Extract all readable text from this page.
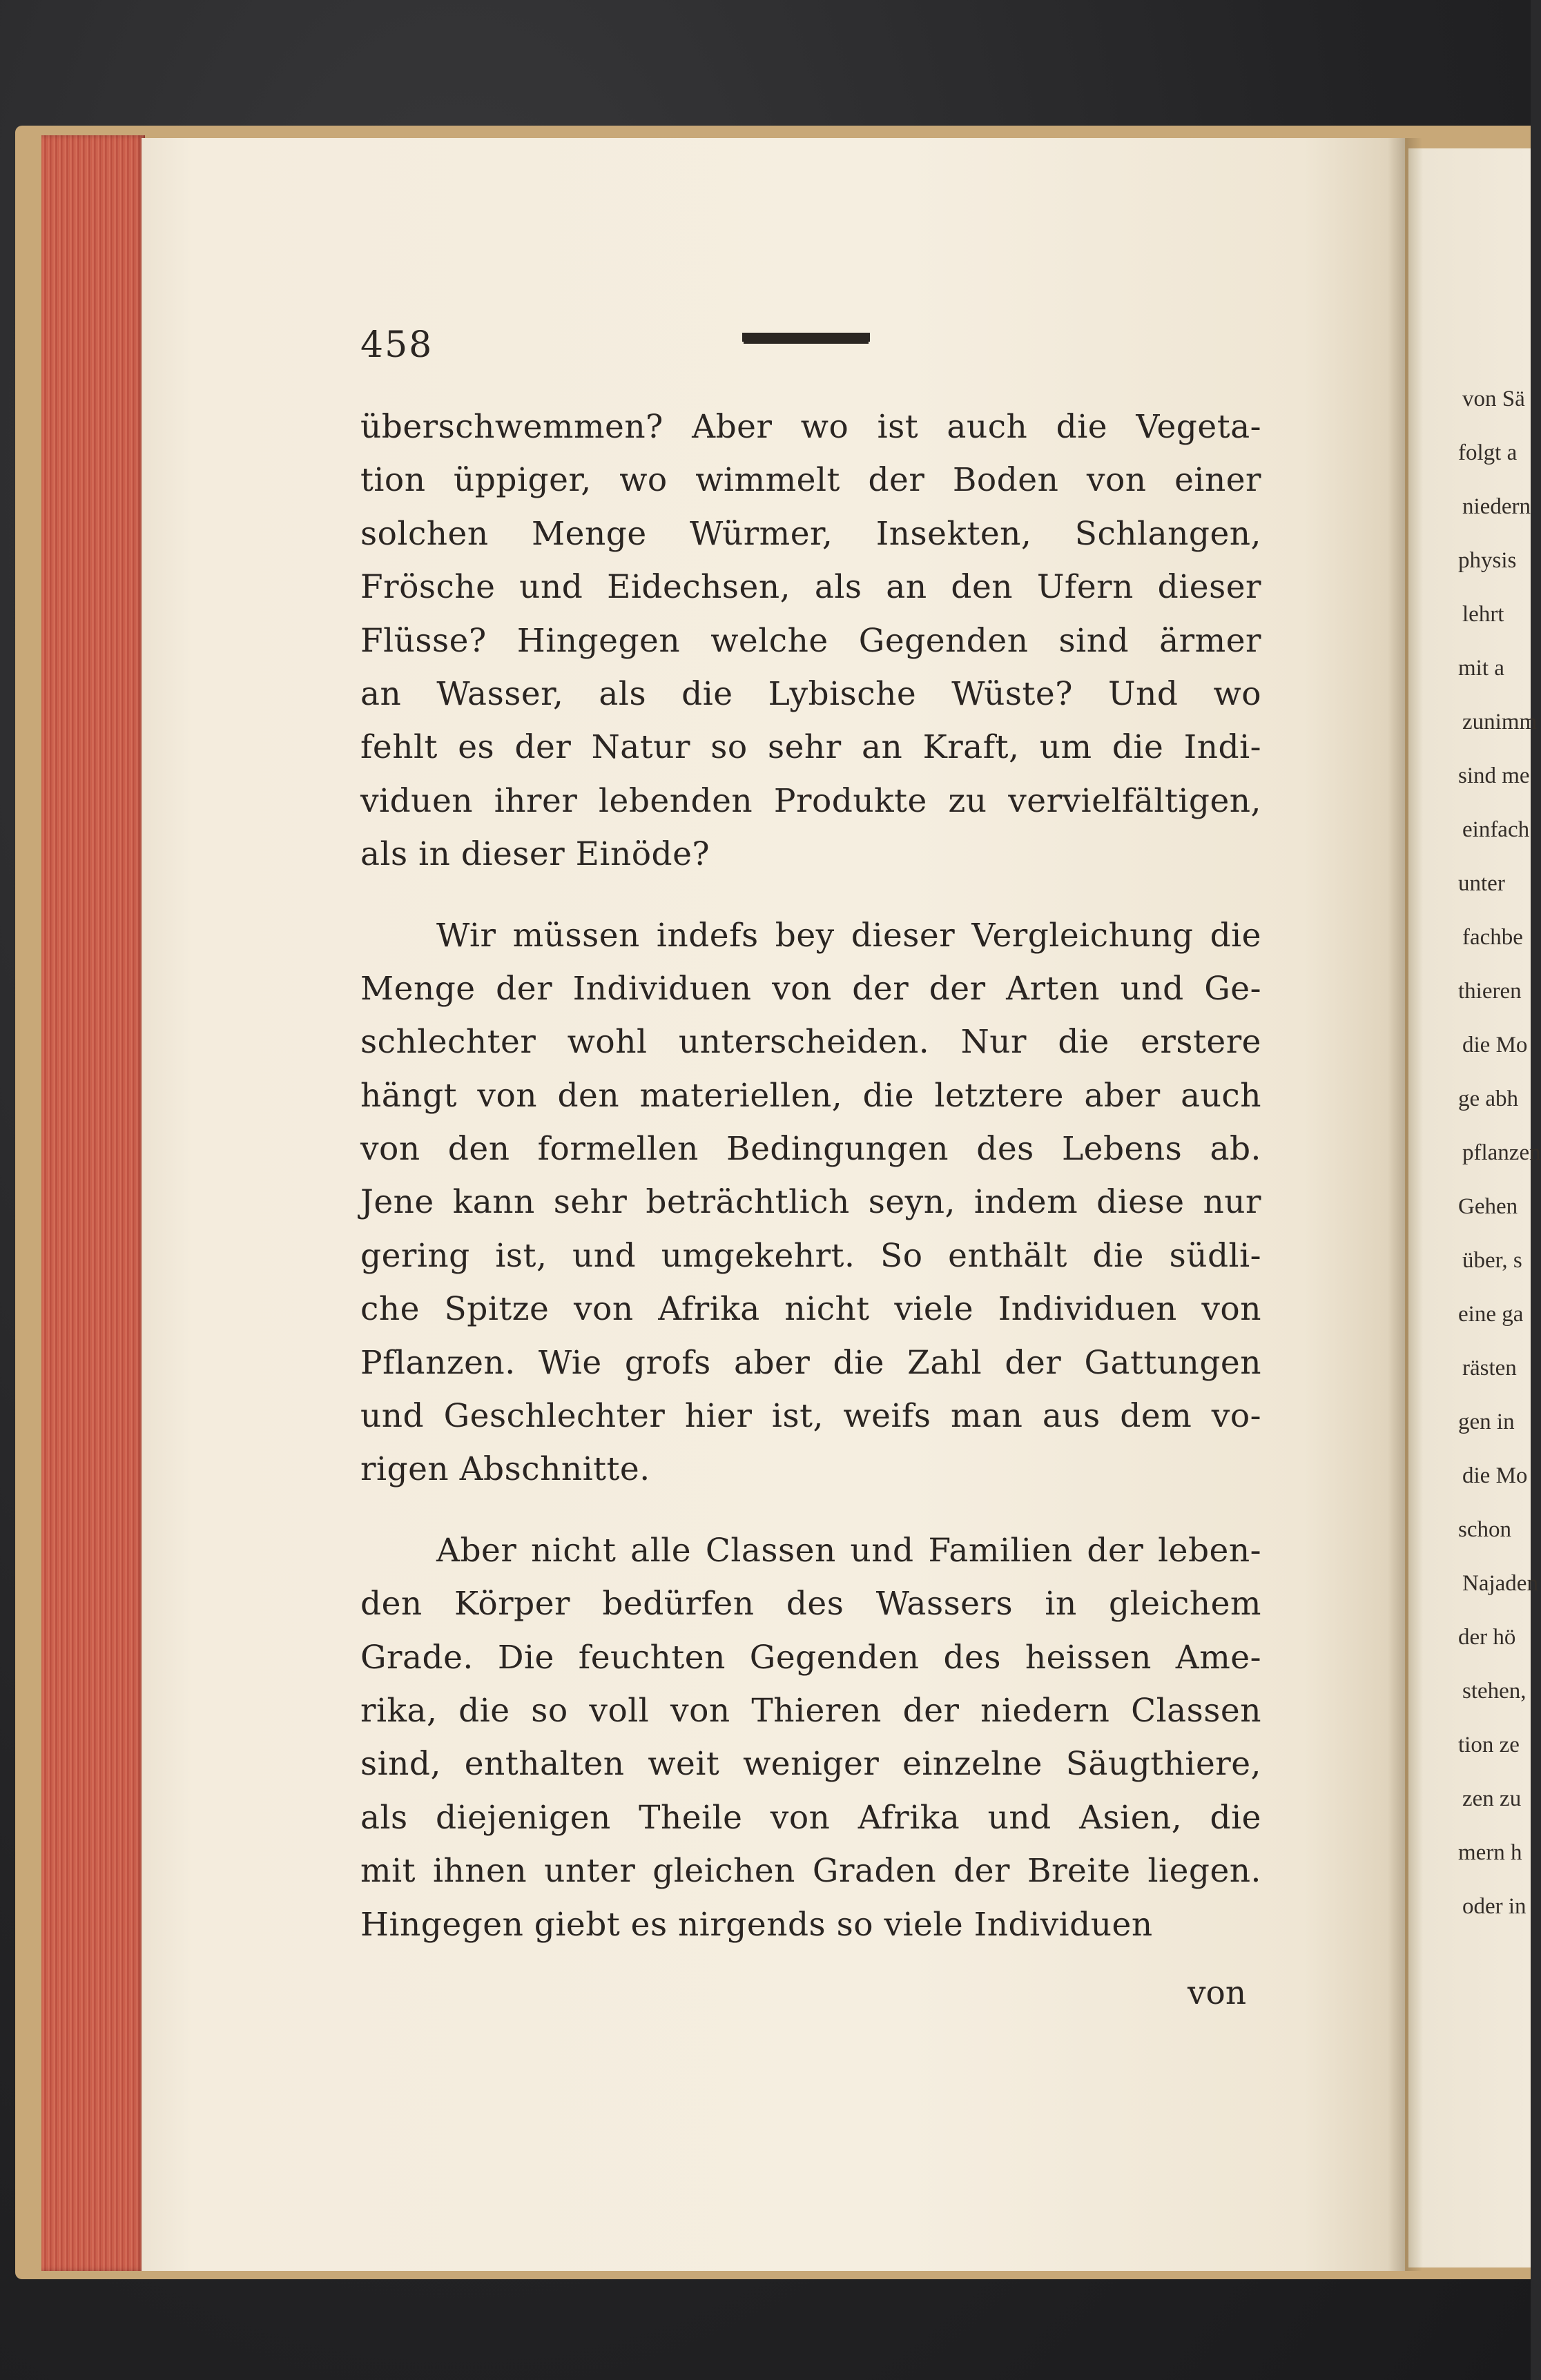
von Sä
folgt a
niedern
physis
lehrt
mit a
zunimm
sind me
einfach
unter
fachbe
thieren
die Mo
ge abh
pflanzen
Gehen
über, s
eine ga
rästen
gen in
die Mo
schon
Najaden
der hö
stehen,
tion ze
zen zu
mern h
oder in
458
überschwemmen? Aber wo ist auch die Vegeta-
tion üppiger, wo wimmelt der Boden von einer
solchen Menge Würmer, Insekten, Schlangen,
Frösche und Eidechsen, als an den Ufern dieser
Flüsse? Hingegen welche Gegenden sind ärmer
an Wasser, als die Lybische Wüste? Und wo
fehlt es der Natur so sehr an Kraft, um die Indi-
viduen ihrer lebenden Produkte zu vervielfältigen,
als in dieser Einöde?
Wir müssen indefs bey dieser Vergleichung die
Menge der Individuen von der der Arten und Ge-
schlechter wohl unterscheiden. Nur die erstere
hängt von den materiellen, die letztere aber auch
von den formellen Bedingungen des Lebens ab.
Jene kann sehr beträchtlich seyn, indem diese nur
gering ist, und umgekehrt. So enthält die südli-
che Spitze von Afrika nicht viele Individuen von
Pflanzen. Wie grofs aber die Zahl der Gattungen
und Geschlechter hier ist, weifs man aus dem vo-
rigen Abschnitte.
Aber nicht alle Classen und Familien der leben-
den Körper bedürfen des Wassers in gleichem
Grade. Die feuchten Gegenden des heissen Ame-
rika, die so voll von Thieren der niedern Classen
sind, enthalten weit weniger einzelne Säugthiere,
als diejenigen Theile von Afrika und Asien, die
mit ihnen unter gleichen Graden der Breite liegen.
Hingegen giebt es nirgends so viele Individuen
von
